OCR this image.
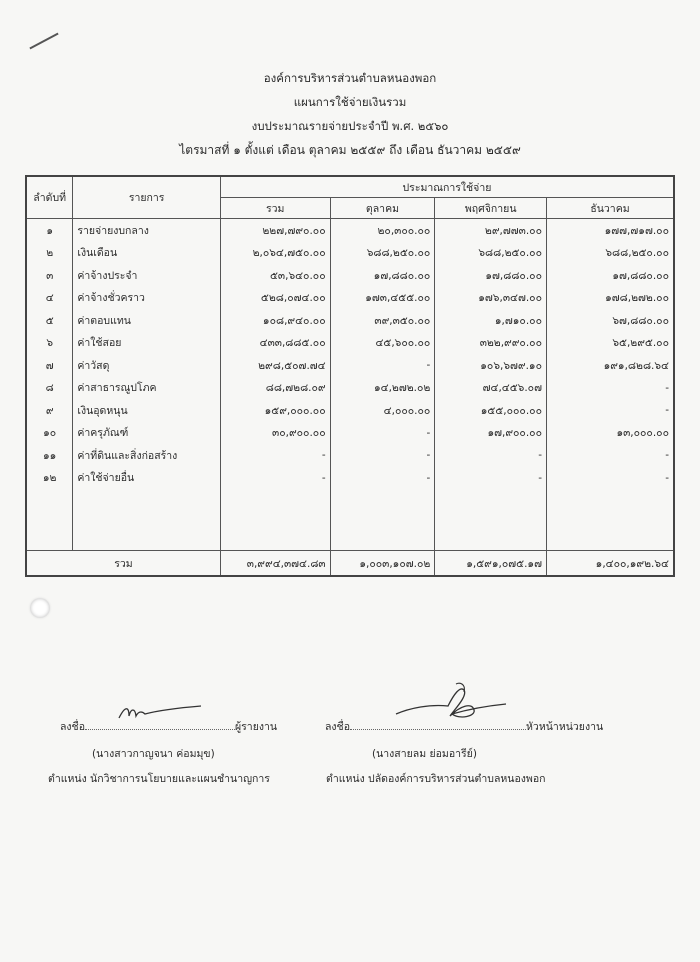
องค์การบริหารส่วนตำบลหนองพอก
แผนการใช้จ่ายเงินรวม
งบประมาณรายจ่ายประจำปี พ.ศ. ๒๕๖๐
ไตรมาสที่ ๑ ตั้งแต่ เดือน ตุลาคม ๒๕๕๙ ถึง เดือน ธันวาคม ๒๕๕๙
ลำดับที่	รายการ	ประมาณการใช้จ่าย			
		รวม	ตุลาคม	พฤศจิกายน	ธันวาคม
๑	รายจ่ายงบกลาง	๒๒๗,๗๙๐.๐๐	๒๐,๓๐๐.๐๐	๒๙,๗๗๓.๐๐	๑๗๗,๗๑๗.๐๐
๒	เงินเดือน	๒,๐๖๔,๗๕๐.๐๐	๖๘๘,๒๕๐.๐๐	๖๘๘,๒๕๐.๐๐	๖๘๘,๒๕๐.๐๐
๓	ค่าจ้างประจำ	๕๓,๖๔๐.๐๐	๑๗,๘๘๐.๐๐	๑๗,๘๘๐.๐๐	๑๗,๘๘๐.๐๐
๔	ค่าจ้างชั่วคราว	๕๒๘,๐๗๔.๐๐	๑๗๓,๔๕๕.๐๐	๑๗๖,๓๔๗.๐๐	๑๗๘,๒๗๒.๐๐
๕	ค่าตอบแทน	๑๐๘,๙๔๐.๐๐	๓๙,๓๕๐.๐๐	๑,๗๑๐.๐๐	๖๗,๘๘๐.๐๐
๖	ค่าใช้สอย	๔๓๓,๘๘๕.๐๐	๔๕,๖๐๐.๐๐	๓๒๒,๙๙๐.๐๐	๖๕,๒๙๕.๐๐
๗	ค่าวัสดุ	๒๙๘,๕๐๗.๗๔	-	๑๐๖,๖๗๙.๑๐	๑๙๑,๘๒๘.๖๔
๘	ค่าสาธารณูปโภค	๘๘,๗๒๘.๐๙	๑๔,๒๗๒.๐๒	๗๔,๔๕๖.๐๗	-
๙	เงินอุดหนุน	๑๕๙,๐๐๐.๐๐	๔,๐๐๐.๐๐	๑๕๕,๐๐๐.๐๐	-
๑๐	ค่าครุภัณฑ์	๓๐,๙๐๐.๐๐	-	๑๗,๙๐๐.๐๐	๑๓,๐๐๐.๐๐
๑๑	ค่าที่ดินและสิ่งก่อสร้าง	-	-	-	-
๑๒	ค่าใช้จ่ายอื่น	-	-	-	-

รวม		๓,๙๙๔,๓๗๔.๘๓	๑,๐๐๓,๑๐๗.๐๒	๑,๕๙๑,๐๗๕.๑๗	๑,๔๐๐,๑๙๒.๖๔
ลงชื่อ	ผู้รายงาน
(นางสาวกาญจนา ค่อมมุข)
ตำแหน่ง นักวิชาการนโยบายและแผนชำนาญการ
ลงชื่อ	หัวหน้าหน่วยงาน
(นางสายลม ย่อมอารีย์)
ตำแหน่ง ปลัดองค์การบริหารส่วนตำบลหนองพอก
